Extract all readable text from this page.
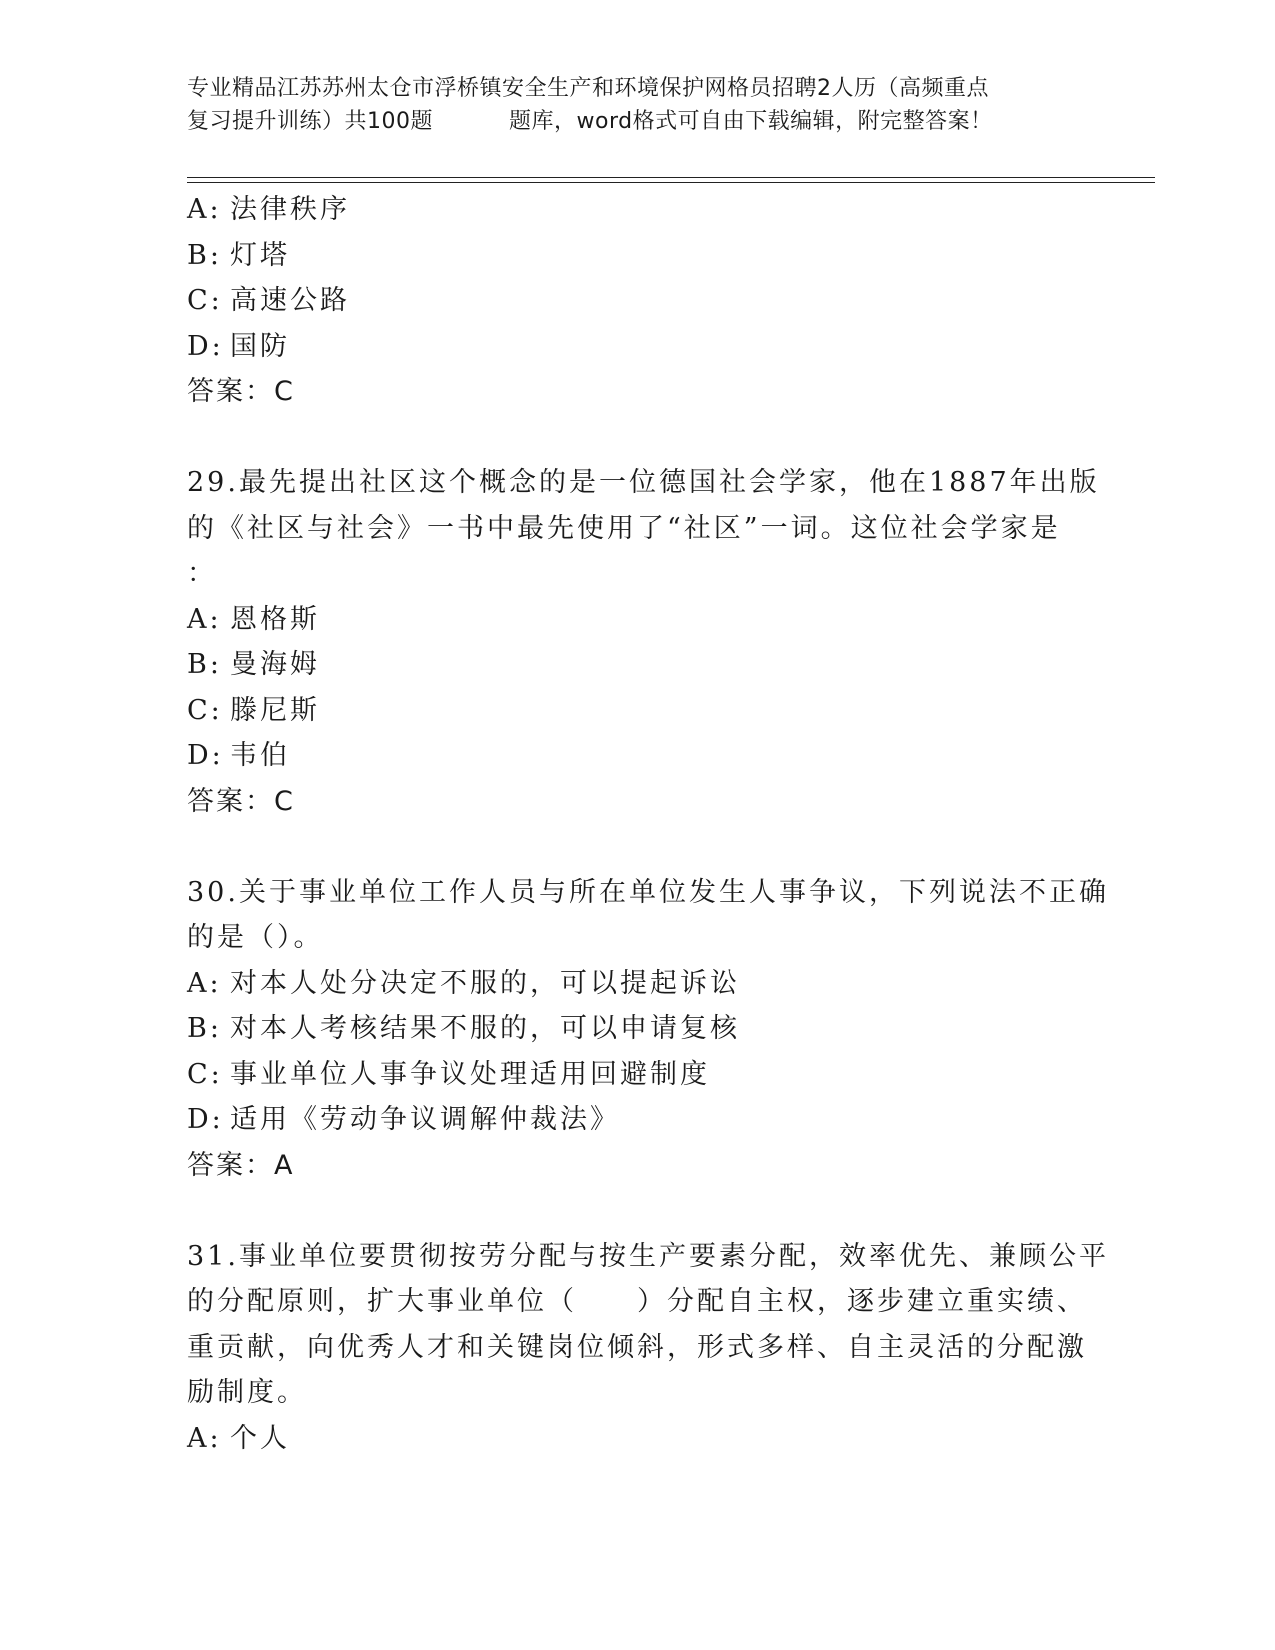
专业精品江苏苏州太仓市浮桥镇安全生产和环境保护网格员招聘2人历（高频重点
复习提升训练）共100题	题库，word格式可自由下载编辑，附完整答案！
A: 法律秩序
B: 灯塔
C: 高速公路
D: 国防
答案：C
29.最先提出社区这个概念的是一位德国社会学家，他在1887年出版
的《社区与社会》一书中最先使用了“社区”一词。这位社会学家是
：
A: 恩格斯
B: 曼海姆
C: 滕尼斯
D: 韦伯
答案：C
30.关于事业单位工作人员与所在单位发生人事争议，下列说法不正确
的是（）。
A: 对本人处分决定不服的，可以提起诉讼
B: 对本人考核结果不服的，可以申请复核
C: 事业单位人事争议处理适用回避制度
D: 适用《劳动争议调解仲裁法》
答案：A
31.事业单位要贯彻按劳分配与按生产要素分配，效率优先、兼顾公平
的分配原则，扩大事业单位（　　）分配自主权，逐步建立重实绩、
重贡献，向优秀人才和关键岗位倾斜，形式多样、自主灵活的分配激
励制度。
A: 个人
